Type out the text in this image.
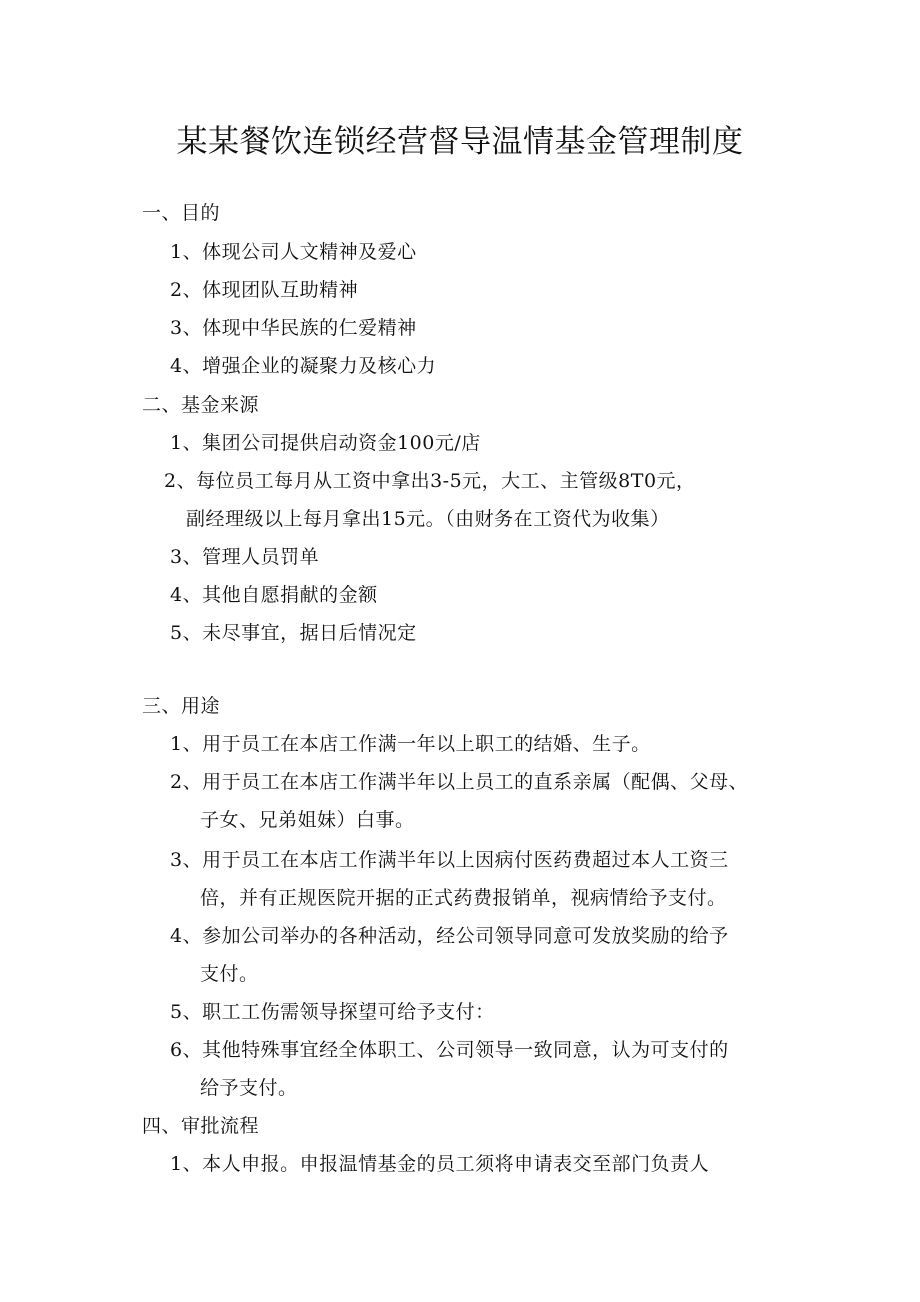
某某餐饮连锁经营督导温情基金管理制度
一、目的
1、体现公司人文精神及爱心
2、体现团队互助精神
3、体现中华民族的仁爱精神
4、增强企业的凝聚力及核心力
二、基金来源
1、集团公司提供启动资金100元/店
2、每位员工每月从工资中拿出3-5元，大工、主管级8T0元，
副经理级以上每月拿出15元。（由财务在工资代为收集）
3、管理人员罚单
4、其他自愿捐献的金额
5、未尽事宜，据日后情况定
三、用途
1、用于员工在本店工作满一年以上职工的结婚、生子。
2、用于员工在本店工作满半年以上员工的直系亲属（配偶、父母、
子女、兄弟姐妹）白事。
3、用于员工在本店工作满半年以上因病付医药费超过本人工资三
倍，并有正规医院开据的正式药费报销单，视病情给予支付。
4、参加公司举办的各种活动，经公司领导同意可发放奖励的给予
支付。
5、职工工伤需领导探望可给予支付：
6、其他特殊事宜经全体职工、公司领导一致同意，认为可支付的
给予支付。
四、审批流程
1、本人申报。申报温情基金的员工须将申请表交至部门负责人
